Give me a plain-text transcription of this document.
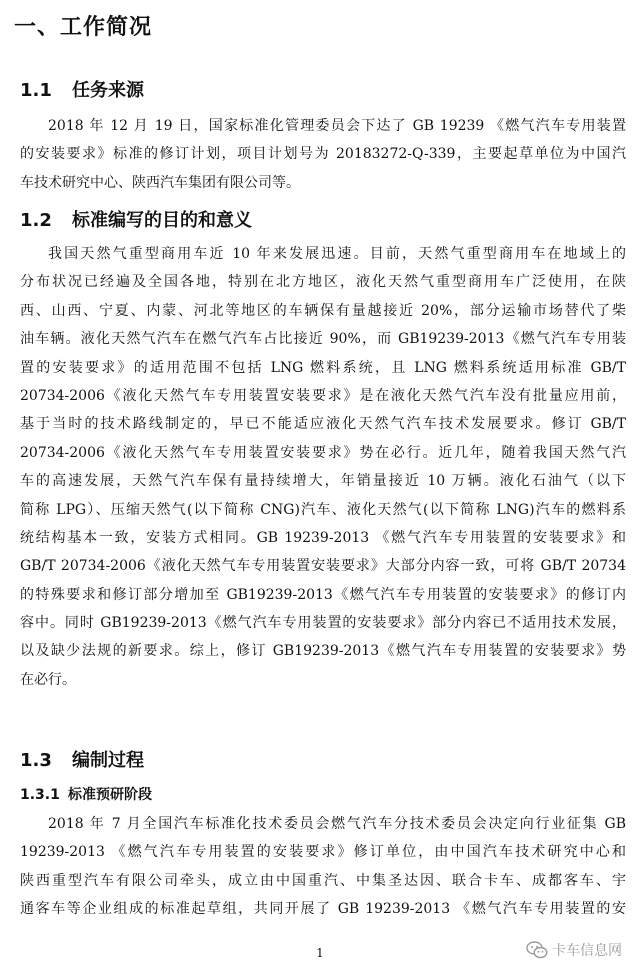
一、工作简况
1.1 任务来源
2018 年 12 月 19 日，国家标准化管理委员会下达了 GB 19239 《燃气汽车专用装置
的安装要求》标准的修订计划，项目计划号为 20183272-Q-339，主要起草单位为中国汽
车技术研究中心、陕西汽车集团有限公司等。
1.2 标准编写的目的和意义
我国天然气重型商用车近 10 年来发展迅速。目前，天然气重型商用车在地域上的
分布状况已经遍及全国各地，特别在北方地区，液化天然气重型商用车广泛使用，在陕
西、山西、宁夏、内蒙、河北等地区的车辆保有量越接近 20%，部分运输市场替代了柴
油车辆。液化天然气汽车在燃气汽车占比接近 90%，而 GB19239-2013《燃气汽车专用装
置的安装要求》的适用范围不包括 LNG 燃料系统，且 LNG 燃料系统适用标准 GB/T
20734-2006《液化天然气车专用装置安装要求》是在液化天然气汽车没有批量应用前，
基于当时的技术路线制定的，早已不能适应液化天然气汽车技术发展要求。修订 GB/T
20734-2006《液化天然气车专用装置安装要求》势在必行。近几年，随着我国天然气汽
车的高速发展，天然气汽车保有量持续增大，年销量接近 10 万辆。液化石油气（以下
简称 LPG）、压缩天然气(以下简称 CNG)汽车、液化天然气(以下简称 LNG)汽车的燃料系
统结构基本一致，安装方式相同。GB 19239-2013 《燃气汽车专用装置的安装要求》和
GB/T 20734-2006《液化天然气车专用装置安装要求》大部分内容一致，可将 GB/T 20734
的特殊要求和修订部分增加至 GB19239-2013《燃气汽车专用装置的安装要求》的修订内
容中。同时 GB19239-2013《燃气汽车专用装置的安装要求》部分内容已不适用技术发展，
以及缺少法规的新要求。综上，修订 GB19239-2013《燃气汽车专用装置的安装要求》势
在必行。
1.3 编制过程
1.3.1 标准预研阶段
2018 年 7 月全国汽车标准化技术委员会燃气汽车分技术委员会决定向行业征集 GB
19239-2013 《燃气汽车专用装置的安装要求》修订单位，由中国汽车技术研究中心和
陕西重型汽车有限公司牵头，成立由中国重汽、中集圣达因、联合卡车、成都客车、宇
通客车等企业组成的标准起草组，共同开展了 GB 19239-2013 《燃气汽车专用装置的安

1	卡车信息网
